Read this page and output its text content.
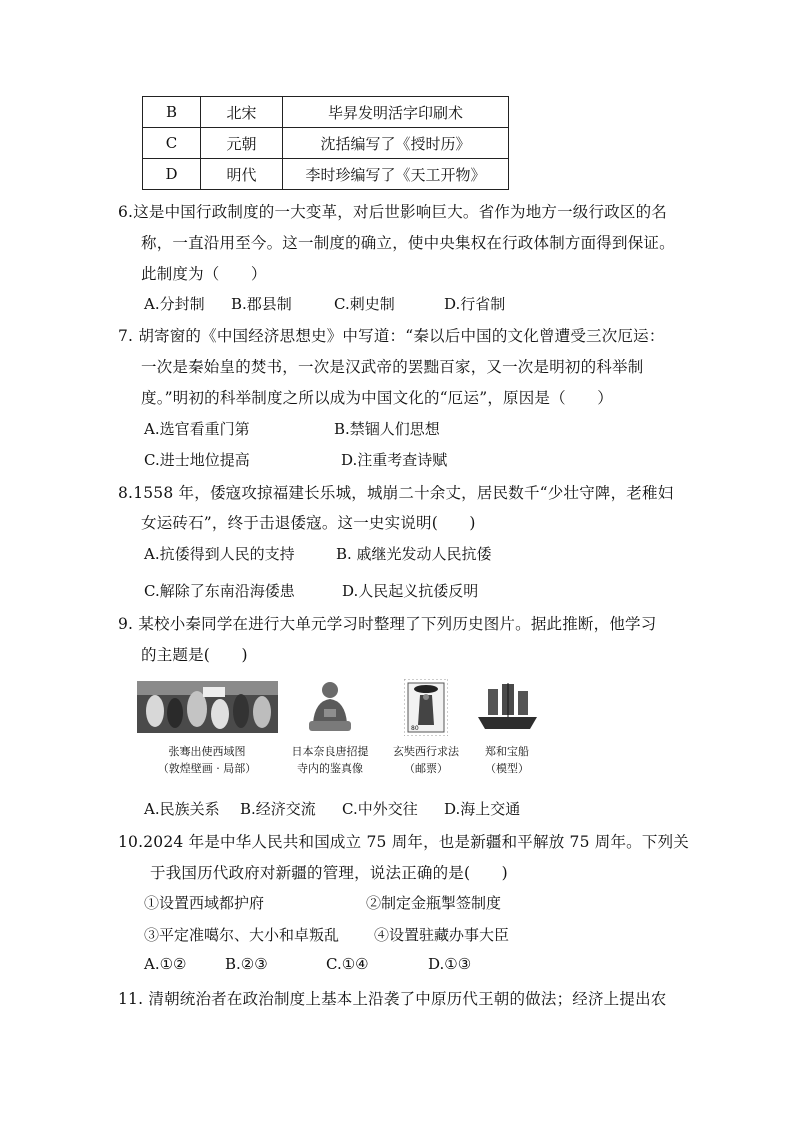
B	北宋	毕昇发明活字印刷术
C	元朝	沈括编写了《授时历》
D	明代	李时珍编写了《天工开物》
6.这是中国行政制度的一大变革，对后世影响巨大。省作为地方一级行政区的名
称，一直沿用至今。这一制度的确立，使中央集权在行政体制方面得到保证。
此制度为（　　）
A.分封制 B.郡县制	C.刺史制	D.行省制
7. 胡寄窗的《中国经济思想史》中写道：“秦以后中国的文化曾遭受三次厄运：
一次是秦始皇的焚书，一次是汉武帝的罢黜百家，又一次是明初的科举制
度。”明初的科举制度之所以成为中国文化的“厄运”，原因是（　　）
A.选官看重门第	B.禁锢人们思想
C.进士地位提高	D.注重考查诗赋
8.1558 年，倭寇攻掠福建长乐城，城崩二十余丈，居民数千“少壮守陴，老稚妇
女运砖石”，终于击退倭寇。这一史实说明(　　)
A.抗倭得到人民的支持	B. 戚继光发动人民抗倭
C.解除了东南沿海倭患	D.人民起义抗倭反明
9. 某校小秦同学在进行大单元学习时整理了下列历史图片。据此推断，他学习
的主题是(　　)
80
张骞出使西域图
（敦煌壁画 · 局部）
日本奈良唐招提
寺内的鉴真像
玄奘西行求法
（邮票）
郑和宝船
（模型）
A.民族关系 B.经济交流 C.中外交往 D.海上交通
10.2024 年是中华人民共和国成立 75 周年，也是新疆和平解放 75 周年。下列关
于我国历代政府对新疆的管理，说法正确的是(　　)
①设置西域都护府	②制定金瓶掣签制度
③平定准噶尔、大小和卓叛乱 ④设置驻藏办事大臣
A.①②	B.②③	C.①④	D.①③
11. 清朝统治者在政治制度上基本上沿袭了中原历代王朝的做法；经济上提出农
